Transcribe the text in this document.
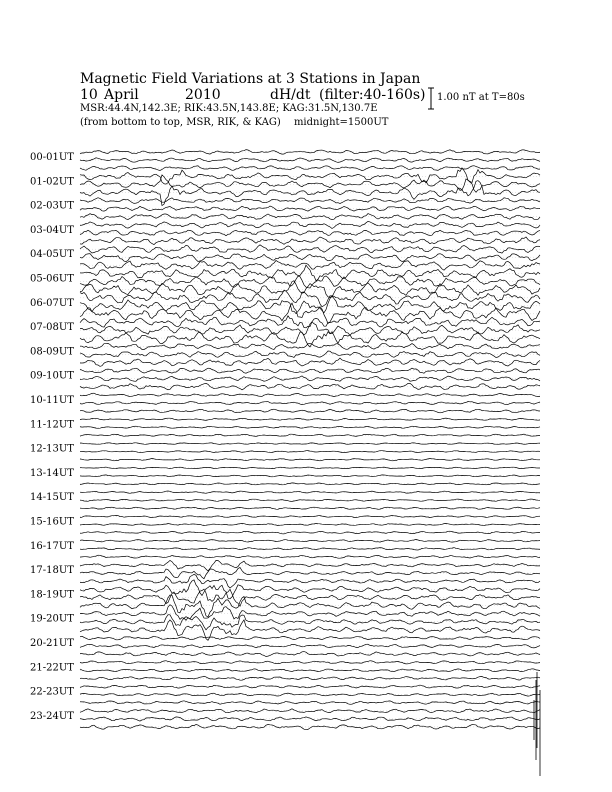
Magnetic Field Variations at 3 Stations in Japan
10 April	2010	dH/dt (filter:40-160s)
MSR:44.4N,142.3E; RIK:43.5N,143.8E; KAG:31.5N,130.7E
(from bottom to top, MSR, RIK, & KAG) midnight=1500UT
1.00 nT at T=80s
00-01UT
01-02UT
02-03UT
03-04UT
04-05UT
05-06UT
06-07UT
07-08UT
08-09UT
09-10UT
10-11UT
11-12UT
12-13UT
13-14UT
14-15UT
15-16UT
16-17UT
17-18UT
18-19UT
19-20UT
20-21UT
21-22UT
22-23UT
23-24UT
